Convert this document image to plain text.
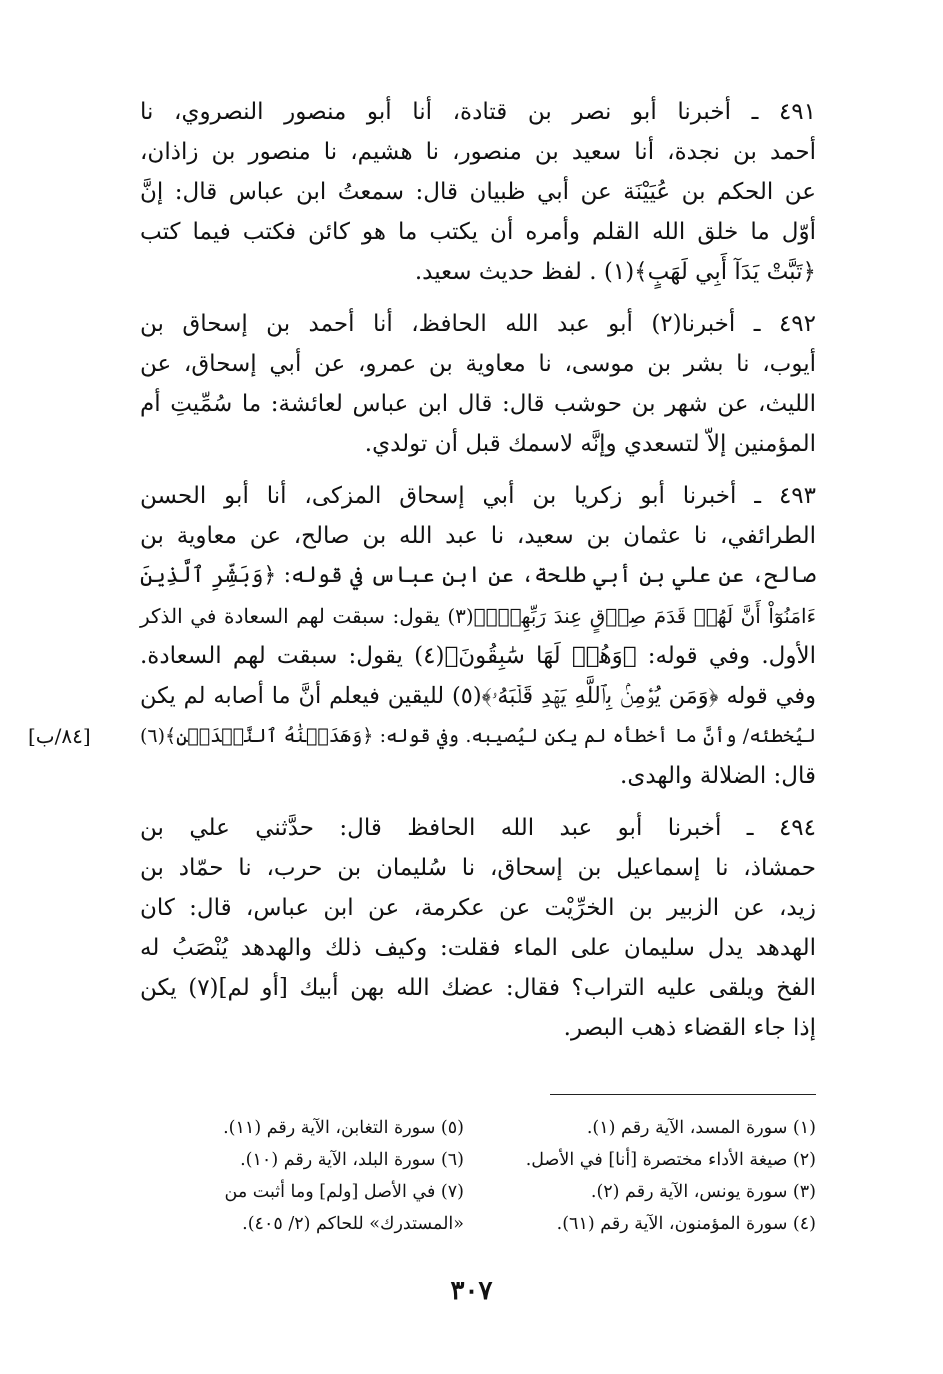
٤٩١ ـ أخبرنا أبو نصر بن قتادة، أنا أبو منصور النصروي، نا
أحمد بن نجدة، أنا سعيد بن منصور، نا هشيم، نا منصور بن زاذان،
عن الحكم بن عُيَيْنَة عن أبي ظبيان قال: سمعتُ ابن عباس قال: إنَّ
أوّل ما خلق الله القلم وأمره أن يكتب ما هو كائن فكتب فيما كتب
﴿تَبَّتْ يَدَآ أَبِي لَهَبٍ﴾(١) . لفظ حديث سعيد.
٤٩٢ ـ أخبرنا(٢) أبو عبد الله الحافظ، أنا أحمد بن إسحاق بن
أيوب، نا بشر بن موسى، نا معاوية بن عمرو، عن أبي إسحاق، عن
الليث، عن شهر بن حوشب قال: قال ابن عباس لعائشة: ما سُمِّيتِ أم
المؤمنين إلاّ لتسعدي وإنَّه لاسمك قبل أن تولدي.
٤٩٣ ـ أخبرنا أبو زكريا بن أبي إسحاق المزكى، أنا أبو الحسن
الطرائفي، نا عثمان بن سعيد، نا عبد الله بن صالح، عن معاوية بن
صالح، عن علي بن أبي طلحة، عن ابن عباس في قوله: ﴿وَبَشِّرِ ٱلَّذِينَ
ءَامَنُوٓاْ أَنَّ لَهُمۡ قَدَمَ صِدۡقٍ عِندَ رَبِّهِمۡۗ﴾(٣) يقول: سبقت لهم السعادة في الذكر
الأول. وفي قوله: ﴿وَهُمۡ لَهَا سَٰبِقُونَ﴾(٤) يقول: سبقت لهم السعادة.
وفي قوله ﴿وَمَن يُؤۡمِنۢ بِٱللَّهِ يَهۡدِ قَلۡبَهُۥ﴾(٥) لليقين فيعلم أنَّ ما أصابه لم يكن
ليُخطئه/ وأنَّ ما أخطأه لم يكن ليُصيبه. وفي قوله: ﴿وَهَدَيۡنَٰهُ ٱلنَّجۡدَيۡنِ﴾(٦)
قال: الضلالة والهدى.
٤٩٤ ـ أخبرنا أبو عبد الله الحافظ قال: حدَّثني علي بن
حمشاذ، نا إسماعيل بن إسحاق، نا سُليمان بن حرب، نا حمّاد بن
زيد، عن الزبير بن الخرِّيْت عن عكرمة، عن ابن عباس، قال: كان
الهدهد يدل سليمان على الماء فقلت: وكيف ذلك والهدهد يُنْصَبُ له
الفخ ويلقى عليه التراب؟ فقال: عضك الله بهن أبيك [أو لم](٧) يكن
إذا جاء القضاء ذهب البصر.
[٨٤/ب]
(١) سورة المسد، الآية رقم (١).
(٥) سورة التغابن، الآية رقم (١١).
(٢) صيغة الأداء مختصرة [أنا] في الأصل.
(٦) سورة البلد، الآية رقم (١٠).
(٣) سورة يونس، الآية رقم (٢).
(٧) في الأصل [ولم] وما أثبت من
(٤) سورة المؤمنون، الآية رقم (٦١).
«المستدرك» للحاكم (٢/ ٤٠٥).
٣٠٧
